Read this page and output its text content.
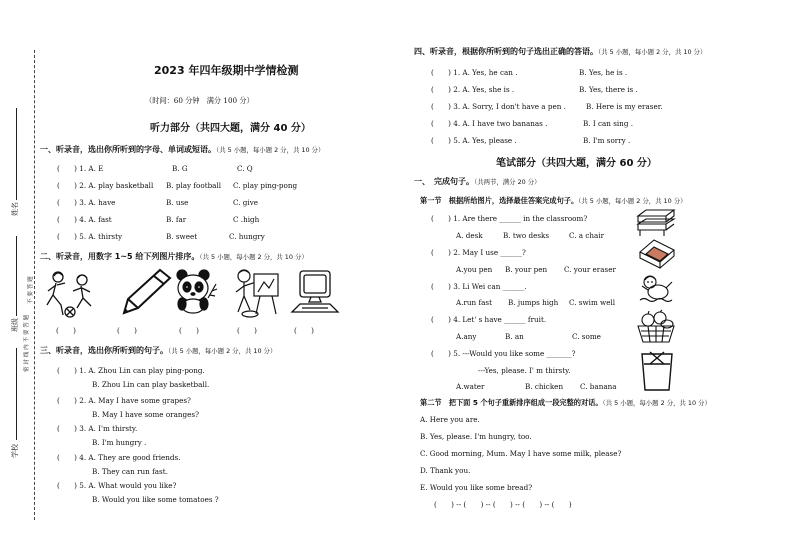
姓名
班级
学校
密 封 线 内 不 要 答 题
不 要 答 题
2023 年四年级期中学情检测
（时间：60 分钟　满分 100 分）
听力部分（共四大题，满分 40 分）
一、听录音，选出你所听到的字母、单词或短语。（共 5 小题，每小题 2 分，共 10 分）
(　　) 1. A. E	B. G	C. Q
(　　) 2. A. play basketball B. play football C. play ping-pong
(　　) 3. A. have	B. use	C. give
(　　) 4. A. fast	B. far	C .high
(　　) 5. A. thirsty	B. sweet	C. hungry
二、听录音，用数字 1~5 给下列图片排序。（共 5 小题，每小题 2 分，共 10 分）
(　　)	(　　)	(　　)	(　　)	(　　)
三、听录音，选出你所听到的句子。（共 5 小题，每小题 2 分，共 10 分）
(　　) 1. A. Zhou Lin can play ping-pong.
B. Zhou Lin can play basketball.
(　　) 2. A. May I have some grapes?
B. May I have some oranges?
(　　) 3. A. I'm thirsty.
B. I'm hungry .
(　　) 4. A. They are good friends.
B. They can run fast.
(　　) 5. A. What would you like?
B. Would you like some tomatoes ?
四、听录音，根据你所听到的句子选出正确的答语。（共 5 小题，每小题 2 分，共 10 分）
(　　) 1. A. Yes, he can .	B. Yes, he is .
(　　) 2. A. Yes, she is .	B. Yes, there is .
(　　) 3. A. Sorry, I don't have a pen .	B. Here is my eraser.
(　　) 4. A. I have two bananas .	B. I can sing .
(　　) 5. A. Yes, please .	B. I'm sorry .
笔试部分（共四大题，满分 60 分）
一、　完成句子。（共两节，满分 20 分）
第一节　根据所给图片，选择最佳答案完成句子。（共 5 小题，每小题 2 分，共 10 分）
(　　) 1. Are there ______ in the classroom?
A. desk	B. two desks	C. a chair
(　　) 2. May I use ______?
A.you pen B. your pen C. your eraser
(　　) 3. Li Wei can ______.
A.run fast B. jumps high C. swim well
(　　) 4. Let' s have ______ fruit.
A.any	B. an	C. some
(　　) 5. ---Would you like some _______?
---Yes, please. I' m thirsty.
A.water	B. chicken C. banana
第二节　把下面 5 个句子重新排序组成一段完整的对话。（共 5 小题，每小题 2 分，共 10 分）
A. Here you are.
B. Yes, please. I'm hungry, too.
C. Good morning, Mum. May I have some milk, please?
D. Thank you.
E. Would you like some bread?
(　　) -- (　　) -- (　　) -- (　　) -- (　　)
